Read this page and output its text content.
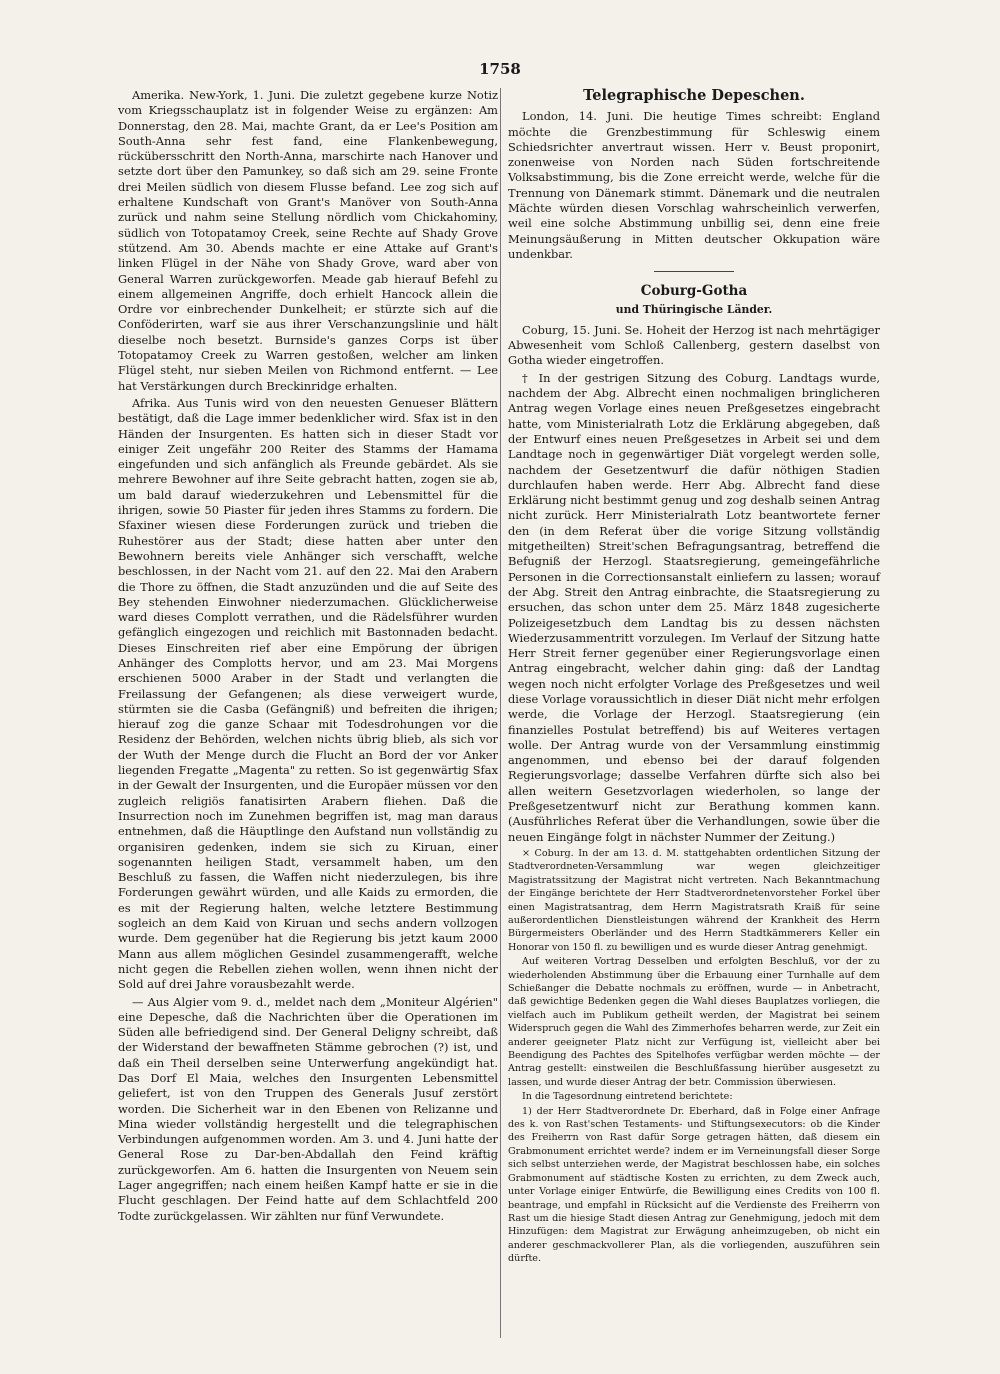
1758

Amerika. New-York, 1. Juni. Die zuletzt gegebene kurze Notiz vom Kriegsschauplatz ist in folgender Weise zu ergänzen: Am Donnerstag, den 28. Mai, machte Grant, da er Lee's Position am South-Anna sehr fest fand, eine Flankenbewegung, rückübersschritt den North-Anna, marschirte nach Hanover und setzte dort über den Pamunkey, so daß sich am 29. seine Fronte drei Meilen südlich von diesem Flusse befand. Lee zog sich auf erhaltene Kundschaft von Grant's Manöver von South-Anna zurück und nahm seine Stellung nördlich vom Chickahominy, südlich von Totopatamoy Creek, seine Rechte auf Shady Grove stützend. Am 30. Abends machte er eine Attake auf Grant's linken Flügel in der Nähe von Shady Grove, ward aber von General Warren zurückgeworfen. Meade gab hierauf Befehl zu einem allgemeinen Angriffe, doch erhielt Hancock allein die Ordre vor einbrechender Dunkelheit; er stürzte sich auf die Conföderirten, warf sie aus ihrer Verschanzungslinie und hält dieselbe noch besetzt. Burnside's ganzes Corps ist über Totopatamoy Creek zu Warren gestoßen, welcher am linken Flügel steht, nur sieben Meilen von Richmond entfernt. — Lee hat Verstärkungen durch Breckinridge erhalten.

Afrika. Aus Tunis wird von den neuesten Genueser Blättern bestätigt, daß die Lage immer bedenklicher wird. Sfax ist in den Händen der Insurgenten. Es hatten sich in dieser Stadt vor einiger Zeit ungefähr 200 Reiter des Stamms der Hamama eingefunden und sich anfänglich als Freunde gebärdet. Als sie mehrere Bewohner auf ihre Seite gebracht hatten, zogen sie ab, um bald darauf wiederzukehren und Lebensmittel für die ihrigen, sowie 50 Piaster für jeden ihres Stamms zu fordern. Die Sfaxiner wiesen diese Forderungen zurück und trieben die Ruhestörer aus der Stadt; diese hatten aber unter den Bewohnern bereits viele Anhänger sich verschafft, welche beschlossen, in der Nacht vom 21. auf den 22. Mai den Arabern die Thore zu öffnen, die Stadt anzuzünden und die auf Seite des Bey stehenden Einwohner niederzumachen. Glücklicherweise ward dieses Complott verrathen, und die Rädelsführer wurden gefänglich eingezogen und reichlich mit Bastonnaden bedacht. Dieses Einschreiten rief aber eine Empörung der übrigen Anhänger des Complotts hervor, und am 23. Mai Morgens erschienen 5000 Araber in der Stadt und verlangten die Freilassung der Gefangenen; als diese verweigert wurde, stürmten sie die Casba (Gefängniß) und befreiten die ihrigen; hierauf zog die ganze Schaar mit Todesdrohungen vor die Residenz der Behörden, welchen nichts übrig blieb, als sich vor der Wuth der Menge durch die Flucht an Bord der vor Anker liegenden Fregatte „Magenta" zu retten. So ist gegenwärtig Sfax in der Gewalt der Insurgenten, und die Europäer müssen vor den zugleich religiös fanatisirten Arabern fliehen. Daß die Insurrection noch im Zunehmen begriffen ist, mag man daraus entnehmen, daß die Häuptlinge den Aufstand nun vollständig zu organisiren gedenken, indem sie sich zu Kiruan, einer sogenannten heiligen Stadt, versammelt haben, um den Beschluß zu fassen, die Waffen nicht niederzulegen, bis ihre Forderungen gewährt würden, und alle Kaids zu ermorden, die es mit der Regierung halten, welche letztere Bestimmung sogleich an dem Kaid von Kiruan und sechs andern vollzogen wurde. Dem gegenüber hat die Regierung bis jetzt kaum 2000 Mann aus allem möglichen Gesindel zusammengerafft, welche nicht gegen die Rebellen ziehen wollen, wenn ihnen nicht der Sold auf drei Jahre vorausbezahlt werde.

— Aus Algier vom 9. d., meldet nach dem „Moniteur Algérien" eine Depesche, daß die Nachrichten über die Operationen im Süden alle befriedigend sind. Der General Deligny schreibt, daß der Widerstand der bewaffneten Stämme gebrochen (?) ist, und daß ein Theil derselben seine Unterwerfung angekündigt hat. Das Dorf El Maia, welches den Insurgenten Lebensmittel geliefert, ist von den Truppen des Generals Jusuf zerstört worden. Die Sicherheit war in den Ebenen von Relizanne und Mina wieder vollständig hergestellt und die telegraphischen Verbindungen aufgenommen worden. Am 3. und 4. Juni hatte der General Rose zu Dar-ben-Abdallah den Feind kräftig zurückgeworfen. Am 6. hatten die Insurgenten von Neuem sein Lager angegriffen; nach einem heißen Kampf hatte er sie in die Flucht geschlagen. Der Feind hatte auf dem Schlachtfeld 200 Todte zurückgelassen. Wir zählten nur fünf Verwundete.

Telegraphische Depeschen.

London, 14. Juni. Die heutige Times schreibt: England möchte die Grenzbestimmung für Schleswig einem Schiedsrichter anvertraut wissen. Herr v. Beust proponirt, zonenweise von Norden nach Süden fortschreitende Volksabstimmung, bis die Zone erreicht werde, welche für die Trennung von Dänemark stimmt. Dänemark und die neutralen Mächte würden diesen Vorschlag wahrscheinlich verwerfen, weil eine solche Abstimmung unbillig sei, denn eine freie Meinungsäußerung in Mitten deutscher Okkupation wäre undenkbar.

Coburg-Gotha
und Thüringische Länder.

Coburg, 15. Juni. Se. Hoheit der Herzog ist nach mehrtägiger Abwesenheit vom Schloß Callenberg, gestern daselbst von Gotha wieder eingetroffen.

† In der gestrigen Sitzung des Coburg. Landtags wurde, nachdem der Abg. Albrecht einen nochmaligen bringlicheren Antrag wegen Vorlage eines neuen Preßgesetzes eingebracht hatte, vom Ministerialrath Lotz die Erklärung abgegeben, daß der Entwurf eines neuen Preßgesetzes in Arbeit sei und dem Landtage noch in gegenwärtiger Diät vorgelegt werden solle, nachdem der Gesetzentwurf die dafür nöthigen Stadien durchlaufen haben werde. Herr Abg. Albrecht fand diese Erklärung nicht bestimmt genug und zog deshalb seinen Antrag nicht zurück. Herr Ministerialrath Lotz beantwortete ferner den (in dem Referat über die vorige Sitzung vollständig mitgetheilten) Streit'schen Befragungsantrag, betreffend die Befugniß der Herzogl. Staatsregierung, gemeingefährliche Personen in die Correctionsanstalt einliefern zu lassen; worauf der Abg. Streit den Antrag einbrachte, die Staatsregierung zu ersuchen, das schon unter dem 25. März 1848 zugesicherte Polizeigesetzbuch dem Landtag bis zu dessen nächsten Wiederzusammentritt vorzulegen. Im Verlauf der Sitzung hatte Herr Streit ferner gegenüber einer Regierungsvorlage einen Antrag eingebracht, welcher dahin ging: daß der Landtag wegen noch nicht erfolgter Vorlage des Preßgesetzes und weil diese Vorlage voraussichtlich in dieser Diät nicht mehr erfolgen werde, die Vorlage der Herzogl. Staatsregierung (ein finanzielles Postulat betreffend) bis auf Weiteres vertagen wolle. Der Antrag wurde von der Versammlung einstimmig angenommen, und ebenso bei der darauf folgenden Regierungsvorlage; dasselbe Verfahren dürfte sich also bei allen weitern Gesetzvorlagen wiederholen, so lange der Preßgesetzentwurf nicht zur Berathung kommen kann. (Ausführliches Referat über die Verhandlungen, sowie über die neuen Eingänge folgt in nächster Nummer der Zeitung.)

⨯ Coburg. In der am 13. d. M. stattgehabten ordentlichen Sitzung der Stadtverordneten-Versammlung war wegen gleichzeitiger Magistratssitzung der Magistrat nicht vertreten. Nach Bekanntmachung der Eingänge berichtete der Herr Stadtverordnetenvorsteher Forkel über einen Magistratsantrag, dem Herrn Magistratsrath Kraiß für seine außerordentlichen Dienstleistungen während der Krankheit des Herrn Bürgermeisters Oberländer und des Herrn Stadtkämmerers Keller ein Honorar von 150 fl. zu bewilligen und es wurde dieser Antrag genehmigt.

Auf weiteren Vortrag Desselben und erfolgten Beschluß, vor der zu wiederholenden Abstimmung über die Erbauung einer Turnhalle auf dem Schießanger die Debatte nochmals zu eröffnen, wurde — in Anbetracht, daß gewichtige Bedenken gegen die Wahl dieses Bauplatzes vorliegen, die vielfach auch im Publikum getheilt werden, der Magistrat bei seinem Widerspruch gegen die Wahl des Zimmerhofes beharren werde, zur Zeit ein anderer geeigneter Platz nicht zur Verfügung ist, vielleicht aber bei Beendigung des Pachtes des Spitelhofes verfügbar werden möchte — der Antrag gestellt: einstweilen die Beschlußfassung hierüber ausgesetzt zu lassen, und wurde dieser Antrag der betr. Commission überwiesen.

In die Tagesordnung eintretend berichtete:

1) der Herr Stadtverordnete Dr. Eberhard, daß in Folge einer Anfrage des k. von Rast'schen Testaments- und Stiftungsexecutors: ob die Kinder des Freiherrn von Rast dafür Sorge getragen hätten, daß diesem ein Grabmonument errichtet werde? indem er im Verneinungsfall dieser Sorge sich selbst unterziehen werde, der Magistrat beschlossen habe, ein solches Grabmonument auf städtische Kosten zu errichten, zu dem Zweck auch, unter Vorlage einiger Entwürfe, die Bewilligung eines Credits von 100 fl. beantrage, und empfahl in Rücksicht auf die Verdienste des Freiherrn von Rast um die hiesige Stadt diesen Antrag zur Genehmigung, jedoch mit dem Hinzufügen: dem Magistrat zur Erwägung anheimzugeben, ob nicht ein anderer geschmackvollerer Plan, als die vorliegenden, auszuführen sein dürfte.
